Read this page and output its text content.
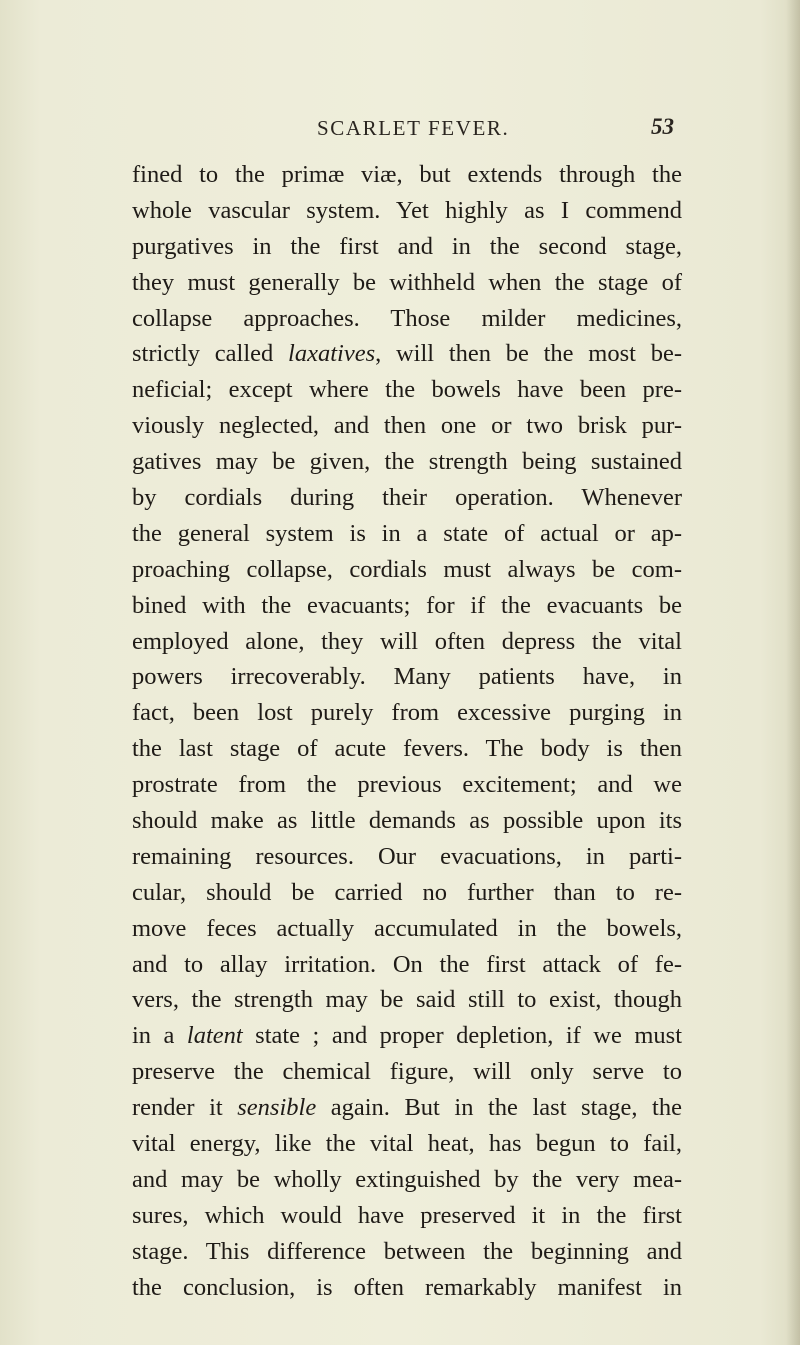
SCARLET FEVER.	53
fined to the primæ viæ, but extends through the
whole vascular system. Yet highly as I commend
purgatives in the first and in the second stage,
they must generally be withheld when the stage of
collapse approaches. Those milder medicines,
strictly called laxatives, will then be the most be-
neficial; except where the bowels have been pre-
viously neglected, and then one or two brisk pur-
gatives may be given, the strength being sustained
by cordials during their operation. Whenever
the general system is in a state of actual or ap-
proaching collapse, cordials must always be com-
bined with the evacuants; for if the evacuants be
employed alone, they will often depress the vital
powers irrecoverably. Many patients have, in
fact, been lost purely from excessive purging in
the last stage of acute fevers. The body is then
prostrate from the previous excitement; and we
should make as little demands as possible upon its
remaining resources. Our evacuations, in parti-
cular, should be carried no further than to re-
move feces actually accumulated in the bowels,
and to allay irritation. On the first attack of fe-
vers, the strength may be said still to exist, though
in a latent state ; and proper depletion, if we must
preserve the chemical figure, will only serve to
render it sensible again. But in the last stage, the
vital energy, like the vital heat, has begun to fail,
and may be wholly extinguished by the very mea-
sures, which would have preserved it in the first
stage. This difference between the beginning and
the conclusion, is often remarkably manifest in
